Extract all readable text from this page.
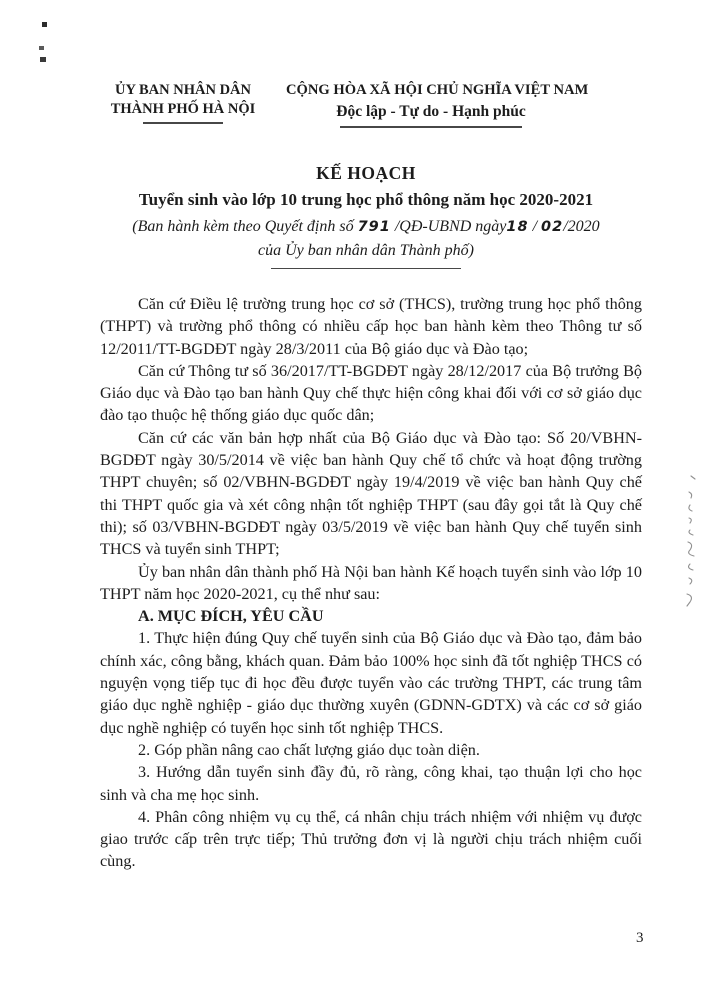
ỦY BAN NHÂN DÂN
THÀNH PHỐ HÀ NỘI
CỘNG HÒA XÃ HỘI CHỦ NGHĨA VIỆT NAM
Độc lập - Tự do - Hạnh phúc
KẾ HOẠCH
Tuyển sinh vào lớp 10 trung học phổ thông năm học 2020-2021
(Ban hành kèm theo Quyết định số 791 /QĐ-UBND ngày18 / 02/2020
của Ủy ban nhân dân Thành phố)

Căn cứ Điều lệ trường trung học cơ sở (THCS), trường trung học phổ thông (THPT) và trường phổ thông có nhiều cấp học ban hành kèm theo Thông tư số 12/2011/TT-BGDĐT ngày 28/3/2011 của Bộ giáo dục và Đào tạo;

Căn cứ Thông tư số 36/2017/TT-BGDĐT ngày 28/12/2017 của Bộ trưởng Bộ Giáo dục và Đào tạo ban hành Quy chế thực hiện công khai đối với cơ sở giáo dục đào tạo thuộc hệ thống giáo dục quốc dân;

Căn cứ các văn bản hợp nhất của Bộ Giáo dục và Đào tạo: Số 20/VBHN-BGDĐT ngày 30/5/2014 về việc ban hành Quy chế tổ chức và hoạt động trường THPT chuyên; số 02/VBHN-BGDĐT ngày 19/4/2019 về việc ban hành Quy chế thi THPT quốc gia và xét công nhận tốt nghiệp THPT (sau đây gọi tắt là Quy chế thi); số 03/VBHN-BGDĐT ngày 03/5/2019 về việc ban hành Quy chế tuyển sinh THCS và tuyển sinh THPT;

Ủy ban nhân dân thành phố Hà Nội ban hành Kế hoạch tuyển sinh vào lớp 10 THPT năm học 2020-2021, cụ thể như sau:

A. MỤC ĐÍCH, YÊU CẦU

1. Thực hiện đúng Quy chế tuyển sinh của Bộ Giáo dục và Đào tạo, đảm bảo chính xác, công bằng, khách quan. Đảm bảo 100% học sinh đã tốt nghiệp THCS có nguyện vọng tiếp tục đi học đều được tuyển vào các trường THPT, các trung tâm giáo dục nghề nghiệp - giáo dục thường xuyên (GDNN-GDTX) và các cơ sở giáo dục nghề nghiệp có tuyển học sinh tốt nghiệp THCS.

2. Góp phần nâng cao chất lượng giáo dục toàn diện.

3. Hướng dẫn tuyển sinh đầy đủ, rõ ràng, công khai, tạo thuận lợi cho học sinh và cha mẹ học sinh.

4. Phân công nhiệm vụ cụ thể, cá nhân chịu trách nhiệm với nhiệm vụ được giao trước cấp trên trực tiếp; Thủ trưởng đơn vị là người chịu trách nhiệm cuối cùng.

3
